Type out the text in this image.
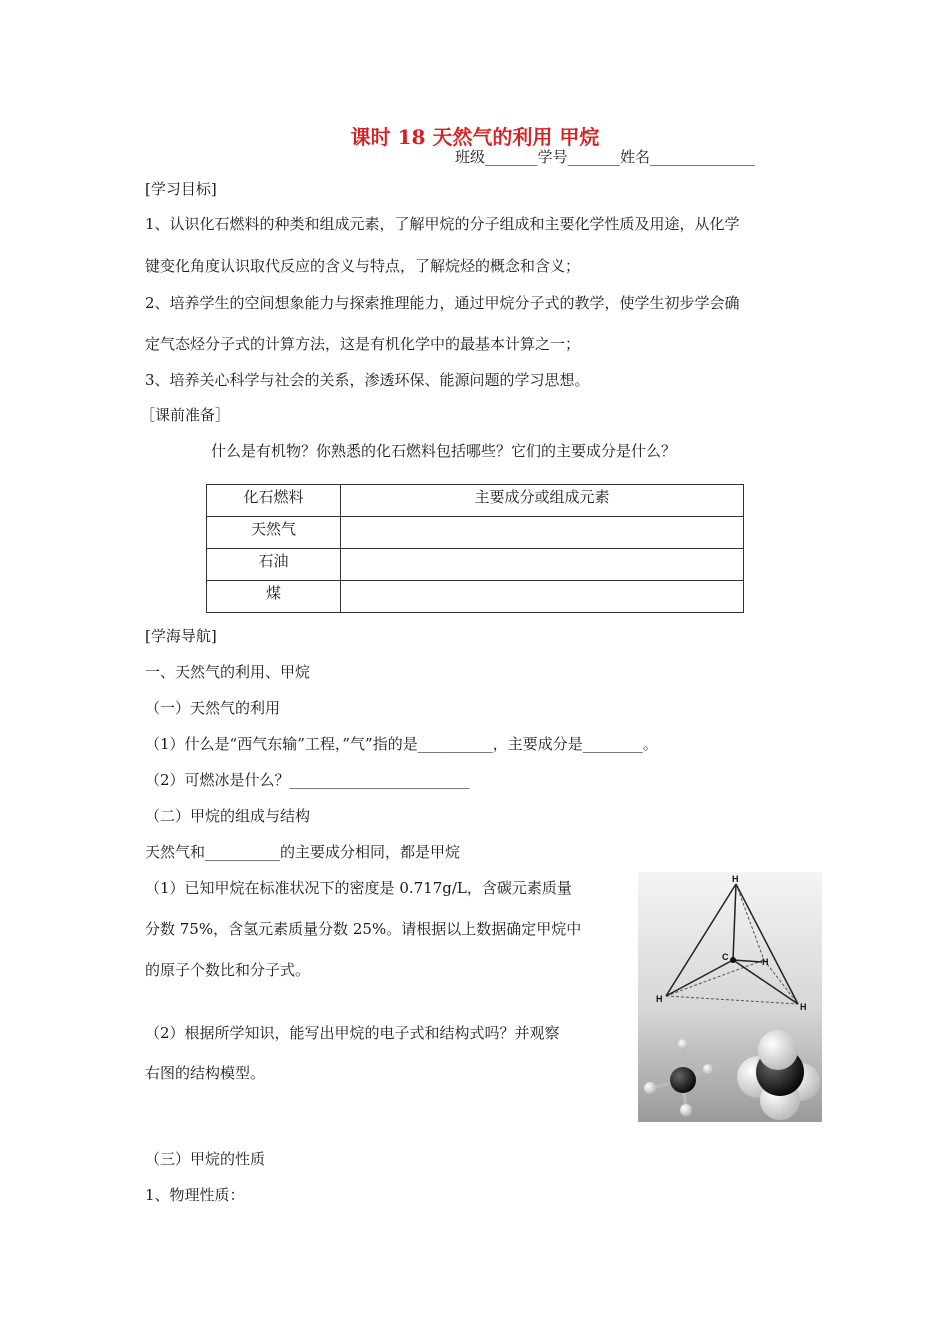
课时 18 天然气的利用 甲烷
班级_______学号_______姓名______________
[学习目标]
1、认识化石燃料的种类和组成元素，了解甲烷的分子组成和主要化学性质及用途，从化学
键变化角度认识取代反应的含义与特点，了解烷烃的概念和含义；
2、培养学生的空间想象能力与探索推理能力，通过甲烷分子式的教学，使学生初步学会确
定气态烃分子式的计算方法，这是有机化学中的最基本计算之一；
3、培养关心科学与社会的关系，渗透环保、能源问题的学习思想。
［课前准备］
什么是有机物？你熟悉的化石燃料包括哪些？它们的主要成分是什么？
化石燃料	主要成分或组成元素
天然气	
石油	
煤	
[学海导航]
一、天然气的利用、甲烷
（一）天然气的利用
（1）什么是“西气东输”工程，”气”指的是__________，主要成分是________。
（2）可燃冰是什么？________________________
（二）甲烷的组成与结构
天然气和__________的主要成分相同，都是甲烷
（1）已知甲烷在标准状况下的密度是 0.717g/L，含碳元素质量
分数 75%，含氢元素质量分数 25%。请根据以上数据确定甲烷中
的原子个数比和分子式。
（2）根据所学知识，能写出甲烷的电子式和结构式吗？并观察
右图的结构模型。
（三）甲烷的性质
1、物理性质：
H
C	H
H
H
